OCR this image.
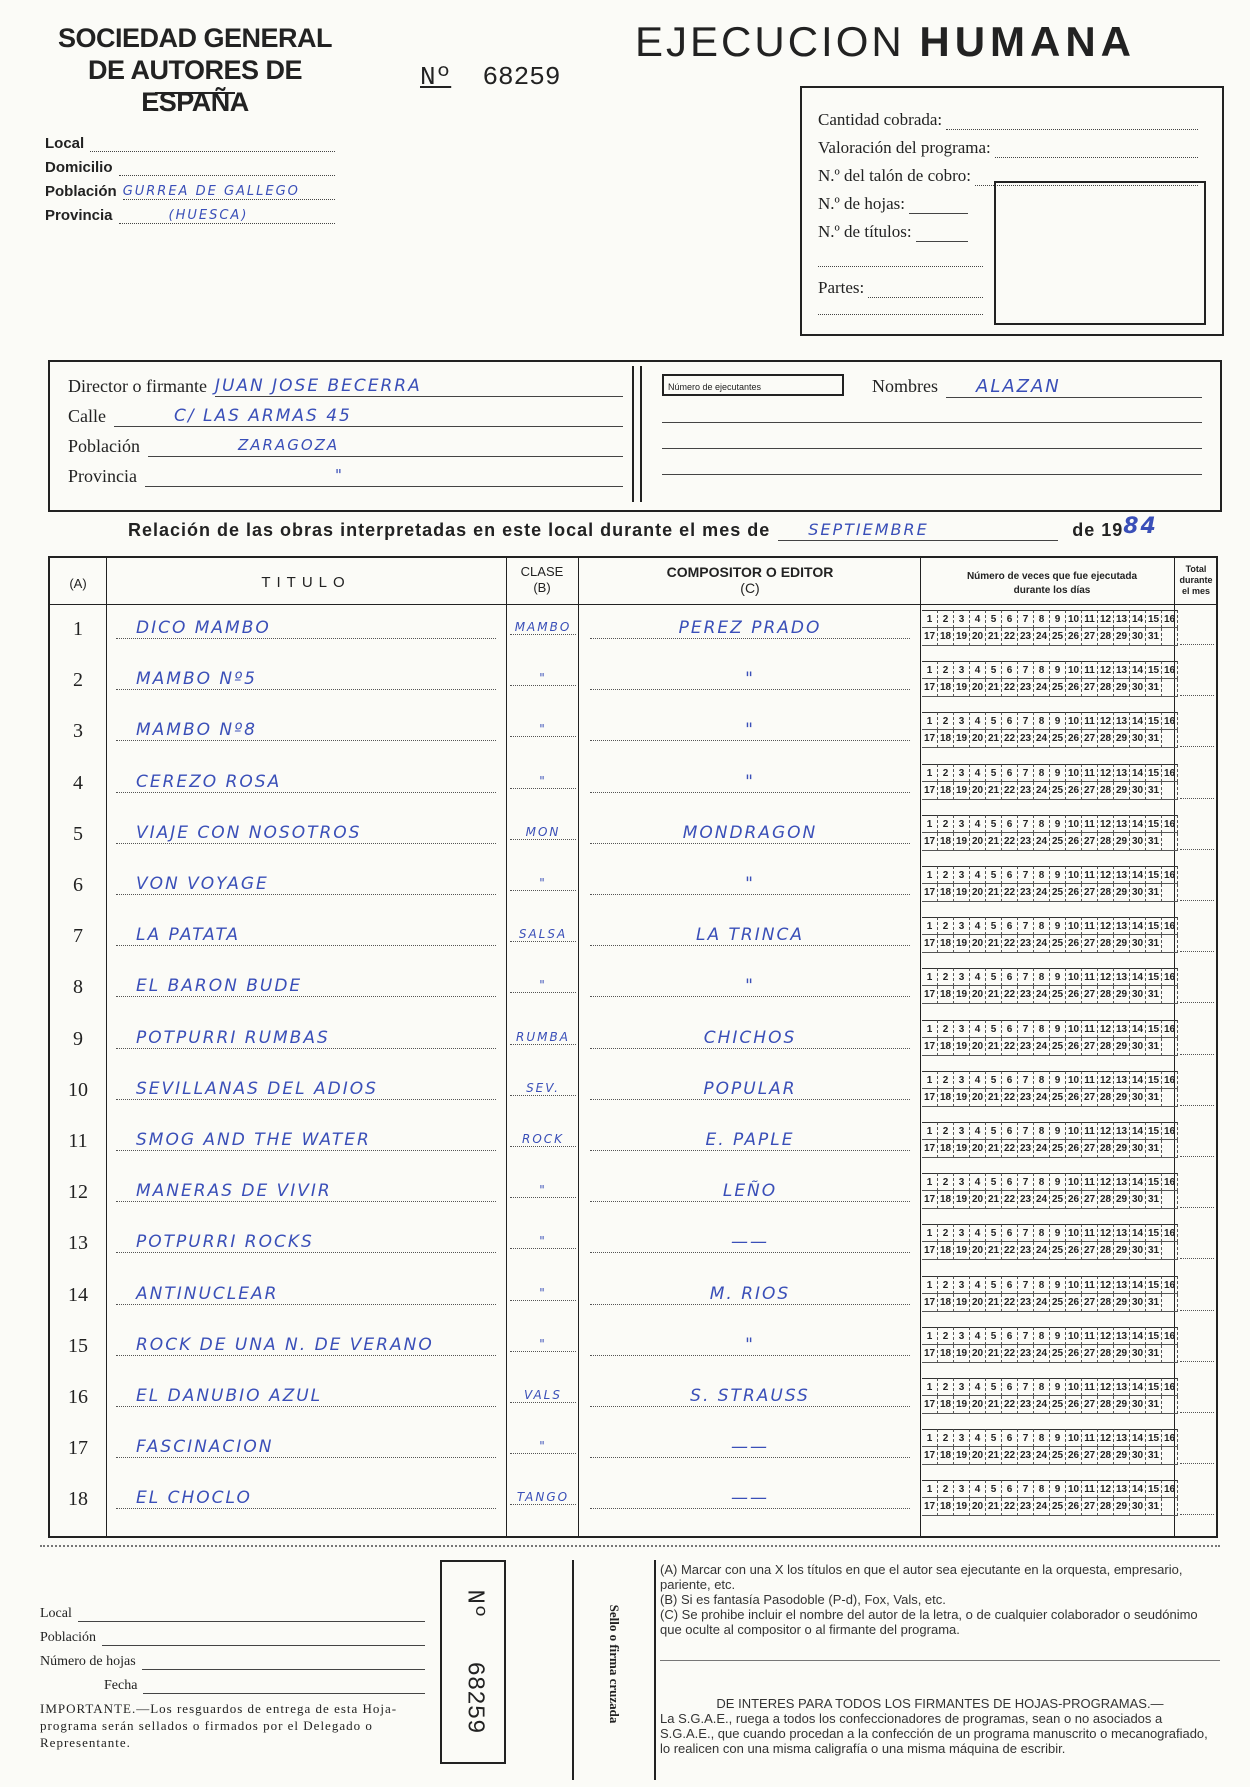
SOCIEDAD GENERAL
DE AUTORES DE ESPAÑA
EJECUCION HUMANA
Nº 68259
Local
Domicilio
Población GURREA DE GALLEGO
Provincia	(HUESCA)
Cantidad cobrada:
Valoración del programa:
N.º del talón de cobro:
N.º de hojas:
N.º de títulos:
Partes:
Director o firmante JUAN JOSE BECERRA
Calle	C/ LAS ARMAS 45
Población	ZARAGOZA
Provincia	"
Número de ejecutantes	Nombres	ALAZAN
Relación de las obras interpretadas en este local durante el mes de	SEPTIEMBRE	de 19 84
(A)	TITULO
CLASE
(B)
COMPOSITOR O EDITOR
(C)
Número de veces que fue ejecutada durante los días
Total durante el mes
1	DICO MAMBO	MAMBO	PEREZ PRADO	1	2	3	4	5	6	7	8	9 10 11 12 13 14 15 16
17 18 19 20 21 22 23 24 25 26 27 28 29 30 31
2	MAMBO Nº5	"	"	1	2	3	4	5	6	7	8	9 10 11 12 13 14 15 16
17 18 19 20 21 22 23 24 25 26 27 28 29 30 31
3	MAMBO Nº8	"	"	1	2	3	4	5	6	7	8	9 10 11 12 13 14 15 16
17 18 19 20 21 22 23 24 25 26 27 28 29 30 31
4	CEREZO ROSA	"	"	1	2	3	4	5	6	7	8	9 10 11 12 13 14 15 16
17 18 19 20 21 22 23 24 25 26 27 28 29 30 31
5	VIAJE CON NOSOTROS	MON	MONDRAGON	1	2	3	4	5	6	7	8	9 10 11 12 13 14 15 16
17 18 19 20 21 22 23 24 25 26 27 28 29 30 31
6	VON VOYAGE	"	"	1	2	3	4	5	6	7	8	9 10 11 12 13 14 15 16
17 18 19 20 21 22 23 24 25 26 27 28 29 30 31
7	LA PATATA	SALSA	LA TRINCA	1	2	3	4	5	6	7	8	9 10 11 12 13 14 15 16
17 18 19 20 21 22 23 24 25 26 27 28 29 30 31
8	EL BARON BUDE	"	"	1	2	3	4	5	6	7	8	9 10 11 12 13 14 15 16
17 18 19 20 21 22 23 24 25 26 27 28 29 30 31
9	POTPURRI RUMBAS	RUMBA	CHICHOS	1	2	3	4	5	6	7	8	9 10 11 12 13 14 15 16
17 18 19 20 21 22 23 24 25 26 27 28 29 30 31
10	SEVILLANAS DEL ADIOS	SEV.	POPULAR	1	2	3	4	5	6	7	8	9 10 11 12 13 14 15 16
17 18 19 20 21 22 23 24 25 26 27 28 29 30 31
11	SMOG AND THE WATER	ROCK	E. PAPLE	1	2	3	4	5	6	7	8	9 10 11 12 13 14 15 16
17 18 19 20 21 22 23 24 25 26 27 28 29 30 31
12	MANERAS DE VIVIR	"	LEÑO	1	2	3	4	5	6	7	8	9 10 11 12 13 14 15 16
17 18 19 20 21 22 23 24 25 26 27 28 29 30 31
13	POTPURRI ROCKS	"	——	1	2	3	4	5	6	7	8	9 10 11 12 13 14 15 16
17 18 19 20 21 22 23 24 25 26 27 28 29 30 31
14	ANTINUCLEAR	"	M. RIOS	1	2	3	4	5	6	7	8	9 10 11 12 13 14 15 16
17 18 19 20 21 22 23 24 25 26 27 28 29 30 31
15	ROCK DE UNA N. DE VERANO	"	"	1	2	3	4	5	6	7	8	9 10 11 12 13 14 15 16
17 18 19 20 21 22 23 24 25 26 27 28 29 30 31
16	EL DANUBIO AZUL	VALS	S. STRAUSS	1	2	3	4	5	6	7	8	9 10 11 12 13 14 15 16
17 18 19 20 21 22 23 24 25 26 27 28 29 30 31
17	FASCINACION	"	——	1	2	3	4	5	6	7	8	9 10 11 12 13 14 15 16
17 18 19 20 21 22 23 24 25 26 27 28 29 30 31
18	EL CHOCLO	TANGO	——	1	2	3	4	5	6	7	8	9 10 11 12 13 14 15 16
17 18 19 20 21 22 23 24 25 26 27 28 29 30 31
Local
Población
Número de hojas
Fecha
IMPORTANTE.—Los resguardos de entrega de esta Hoja-programa serán sellados o firmados por el Delegado o Representante.
Nº   68259	Sello o firma cruzada
(A) Marcar con una X los títulos en que el autor sea ejecutante en la orquesta, empresario, pariente, etc.
(B) Si es fantasía Pasodoble (P-d), Fox, Vals, etc.
(C) Se prohibe incluir el nombre del autor de la letra, o de cualquier colaborador o seudónimo que oculte al compositor o al firmante del programa.
DE INTERES PARA TODOS LOS FIRMANTES DE HOJAS-PROGRAMAS.—
La S.G.A.E., ruega a todos los confeccionadores de programas, sean o no asociados a S.G.A.E., que cuando procedan a la confección de un programa manuscrito o mecanografiado, lo realicen con una misma caligrafía o una misma máquina de escribir.
